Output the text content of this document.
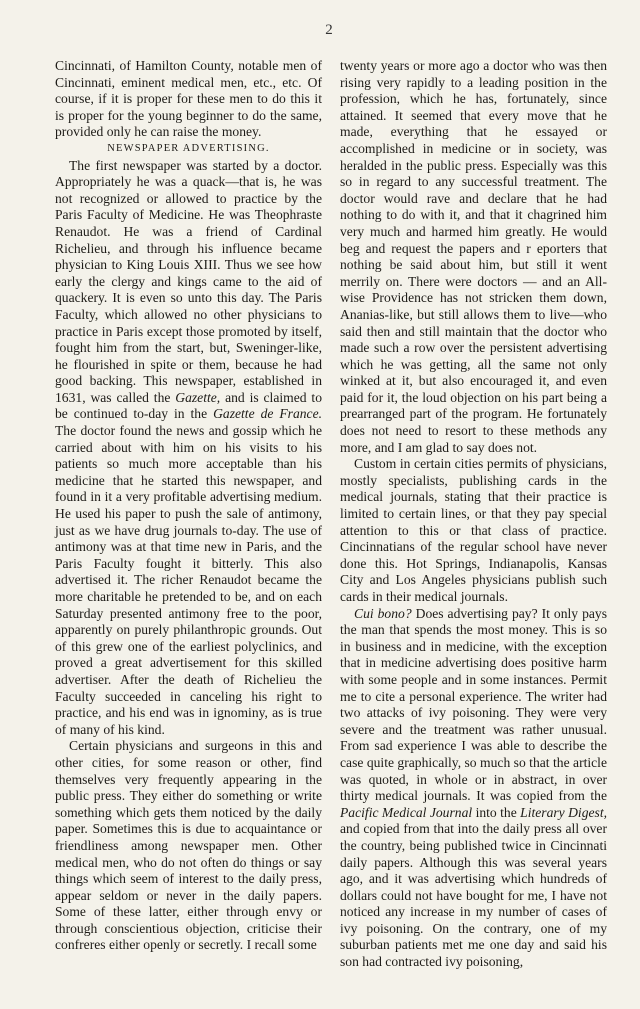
2

Cincinnati, of Hamilton County, notable men of Cincinnati, eminent medical men, etc., etc. Of course, if it is proper for these men to do this it is proper for the young beginner to do the same, provided only he can raise the money.

NEWSPAPER ADVERTISING.

The first newspaper was started by a doctor. Appropriately he was a quack—that is, he was not recognized or allowed to practice by the Paris Faculty of Medicine. He was Theophraste Renaudot. He was a friend of Cardinal Richelieu, and through his influence became physician to King Louis XIII. Thus we see how early the clergy and kings came to the aid of quackery. It is even so unto this day. The Paris Faculty, which allowed no other physicians to practice in Paris except those promoted by itself, fought him from the start, but, Sweninger-like, he flourished in spite or them, because he had good backing. This newspaper, established in 1631, was called the Gazette, and is claimed to be continued to-day in the Gazette de France. The doctor found the news and gossip which he carried about with him on his visits to his patients so much more acceptable than his medicine that he started this newspaper, and found in it a very profitable advertising medium. He used his paper to push the sale of antimony, just as we have drug journals to-day. The use of antimony was at that time new in Paris, and the Paris Faculty fought it bitterly. This also advertised it. The richer Renaudot became the more charitable he pretended to be, and on each Saturday presented antimony free to the poor, apparently on purely philanthropic grounds. Out of this grew one of the earliest polyclinics, and proved a great advertisement for this skilled advertiser. After the death of Richelieu the Faculty succeeded in canceling his right to practice, and his end was in ignominy, as is true of many of his kind.

Certain physicians and surgeons in this and other cities, for some reason or other, find themselves very frequently appearing in the public press. They either do something or write something which gets them noticed by the daily paper. Sometimes this is due to acquaintance or friendliness among newspaper men. Other medical men, who do not often do things or say things which seem of interest to the daily press, appear seldom or never in the daily papers. Some of these latter, either through envy or through conscientious objection, criticise their confreres either openly or secretly. I recall some

twenty years or more ago a doctor who was then rising very rapidly to a leading position in the profession, which he has, fortunately, since attained. It seemed that every move that he made, everything that he essayed or accomplished in medicine or in society, was heralded in the public press. Especially was this so in regard to any successful treatment. The doctor would rave and declare that he had nothing to do with it, and that it chagrined him very much and harmed him greatly. He would beg and request the papers and r eporters that nothing be said about him, but still it went merrily on. There were doctors — and an All-wise Providence has not stricken them down, Ananias-like, but still allows them to live—who said then and still maintain that the doctor who made such a row over the persistent advertising which he was getting, all the same not only winked at it, but also encouraged it, and even paid for it, the loud objection on his part being a prearranged part of the program. He fortunately does not need to resort to these methods any more, and I am glad to say does not.

Custom in certain cities permits of physicians, mostly specialists, publishing cards in the medical journals, stating that their practice is limited to certain lines, or that they pay special attention to this or that class of practice. Cincinnatians of the regular school have never done this. Hot Springs, Indianapolis, Kansas City and Los Angeles physicians publish such cards in their medical journals.

Cui bono? Does advertising pay? It only pays the man that spends the most money. This is so in business and in medicine, with the exception that in medicine advertising does positive harm with some people and in some instances. Permit me to cite a personal experience. The writer had two attacks of ivy poisoning. They were very severe and the treatment was rather unusual. From sad experience I was able to describe the case quite graphically, so much so that the article was quoted, in whole or in abstract, in over thirty medical journals. It was copied from the Pacific Medical Journal into the Literary Digest, and copied from that into the daily press all over the country, being published twice in Cincinnati daily papers. Although this was several years ago, and it was advertising which hundreds of dollars could not have bought for me, I have not noticed any increase in my number of cases of ivy poisoning. On the contrary, one of my suburban patients met me one day and said his son had contracted ivy poisoning,
